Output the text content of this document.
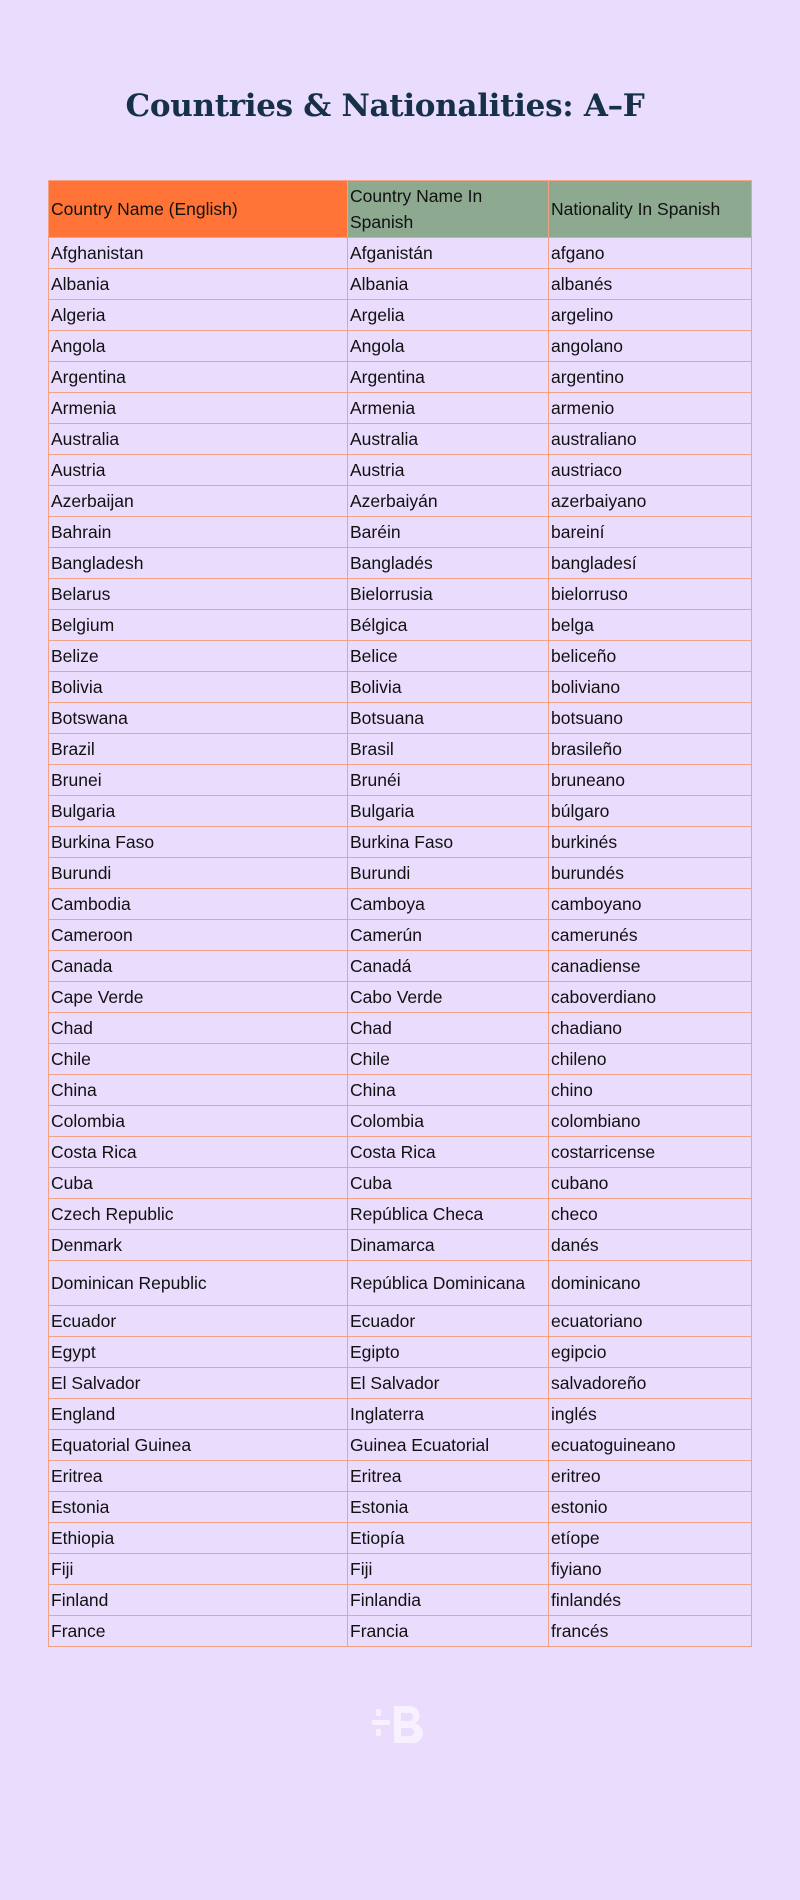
Countries & Nationalities: A–F
Country Name (English)	Country Name In Spanish	Nationality In Spanish
Afghanistan	Afganistán	afgano
Albania	Albania	albanés
Algeria	Argelia	argelino
Angola	Angola	angolano
Argentina	Argentina	argentino
Armenia	Armenia	armenio
Australia	Australia	australiano
Austria	Austria	austriaco
Azerbaijan	Azerbaiyán	azerbaiyano
Bahrain	Baréin	bareiní
Bangladesh	Bangladés	bangladesí
Belarus	Bielorrusia	bielorruso
Belgium	Bélgica	belga
Belize	Belice	beliceño
Bolivia	Bolivia	boliviano
Botswana	Botsuana	botsuano
Brazil	Brasil	brasileño
Brunei	Brunéi	bruneano
Bulgaria	Bulgaria	búlgaro
Burkina Faso	Burkina Faso	burkinés
Burundi	Burundi	burundés
Cambodia	Camboya	camboyano
Cameroon	Camerún	camerunés
Canada	Canadá	canadiense
Cape Verde	Cabo Verde	caboverdiano
Chad	Chad	chadiano
Chile	Chile	chileno
China	China	chino
Colombia	Colombia	colombiano
Costa Rica	Costa Rica	costarricense
Cuba	Cuba	cubano
Czech Republic	República Checa	checo
Denmark	Dinamarca	danés
Dominican Republic	República Dominicana	dominicano
Ecuador	Ecuador	ecuatoriano
Egypt	Egipto	egipcio
El Salvador	El Salvador	salvadoreño
England	Inglaterra	inglés
Equatorial Guinea	Guinea Ecuatorial	ecuatoguineano
Eritrea	Eritrea	eritreo
Estonia	Estonia	estonio
Ethiopia	Etiopía	etíope
Fiji	Fiji	fiyiano
Finland	Finlandia	finlandés
France	Francia	francés
